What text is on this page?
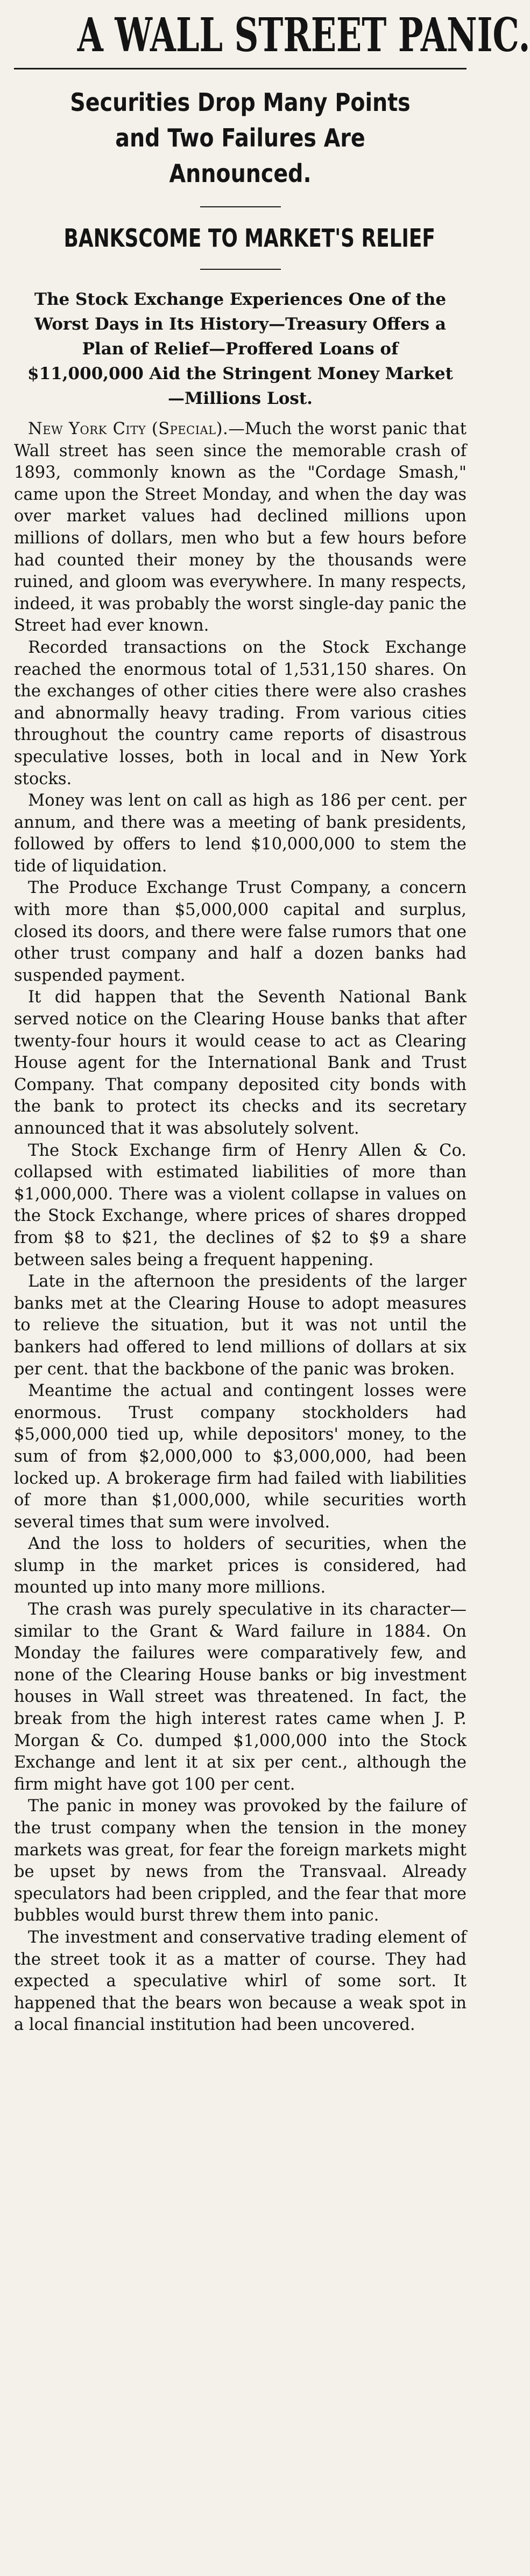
A WALL STREET PANIC.
Securities Drop Many Points and Two Failures Are Announced.
BANKSCOME TO MARKET'S RELIEF

The Stock Exchange Experiences One of the Worst Days in Its History—Treasury Offers a Plan of Relief—Proffered Loans of $11,000,000 Aid the Stringent Money Market—Millions Lost.

New York City (Special).—Much the worst panic that Wall street has seen since the memorable crash of 1893, commonly known as the "Cordage Smash," came upon the Street Monday, and when the day was over market values had declined millions upon millions of dollars, men who but a few hours before had counted their money by the thousands were ruined, and gloom was everywhere. In many respects, indeed, it was probably the worst single-day panic the Street had ever known.

Recorded transactions on the Stock Exchange reached the enormous total of 1,531,150 shares. On the exchanges of other cities there were also crashes and abnormally heavy trading. From various cities throughout the country came reports of disastrous speculative losses, both in local and in New York stocks.

Money was lent on call as high as 186 per cent. per annum, and there was a meeting of bank presidents, followed by offers to lend $10,000,000 to stem the tide of liquidation.

The Produce Exchange Trust Company, a concern with more than $5,000,000 capital and surplus, closed its doors, and there were false rumors that one other trust company and half a dozen banks had suspended payment.

It did happen that the Seventh National Bank served notice on the Clearing House banks that after twenty-four hours it would cease to act as Clearing House agent for the International Bank and Trust Company. That company deposited city bonds with the bank to protect its checks and its secretary announced that it was absolutely solvent.

The Stock Exchange firm of Henry Allen & Co. collapsed with estimated liabilities of more than $1,000,000. There was a violent collapse in values on the Stock Exchange, where prices of shares dropped from $8 to $21, the declines of $2 to $9 a share between sales being a frequent happening.

Late in the afternoon the presidents of the larger banks met at the Clearing House to adopt measures to relieve the situation, but it was not until the bankers had offered to lend millions of dollars at six per cent. that the backbone of the panic was broken.

Meantime the actual and contingent losses were enormous. Trust company stockholders had $5,000,000 tied up, while depositors' money, to the sum of from $2,000,000 to $3,000,000, had been locked up. A brokerage firm had failed with liabilities of more than $1,000,000, while securities worth several times that sum were involved.

And the loss to holders of securities, when the slump in the market prices is considered, had mounted up into many more millions.

The crash was purely speculative in its character—similar to the Grant & Ward failure in 1884. On Monday the failures were comparatively few, and none of the Clearing House banks or big investment houses in Wall street was threatened. In fact, the break from the high interest rates came when J. P. Morgan & Co. dumped $1,000,000 into the Stock Exchange and lent it at six per cent., although the firm might have got 100 per cent.

The panic in money was provoked by the failure of the trust company when the tension in the money markets was great, for fear the foreign markets might be upset by news from the Transvaal. Already speculators had been crippled, and the fear that more bubbles would burst threw them into panic.

The investment and conservative trading element of the street took it as a matter of course. They had expected a speculative whirl of some sort. It happened that the bears won because a weak spot in a local financial institution had been uncovered.
